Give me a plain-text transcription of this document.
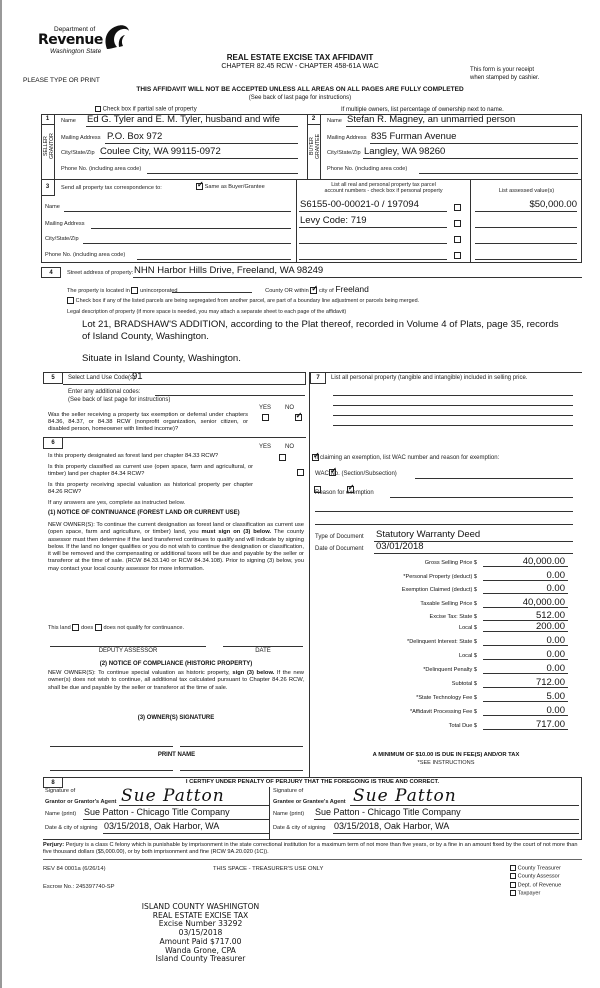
Department of
Revenue
Washington State
PLEASE TYPE OR PRINT
REAL ESTATE EXCISE TAX AFFIDAVIT
CHAPTER 82.45 RCW - CHAPTER 458-61A WAC	This form is your receipt
when stamped by cashier.
THIS AFFIDAVIT WILL NOT BE ACCEPTED UNLESS ALL AREAS ON ALL PAGES ARE FULLY COMPLETED
(See back of last page for instructions)
Check box if partial sale of property	If multiple owners, list percentage of ownership next to name.
1
SELLER GRANTOR
Name Ed G. Tyler and E. M. Tyler, husband and wife
Mailing Address P.O. Box 972
City/State/Zip Coulee City, WA 99115-0972
Phone No. (including area code)
2
BUYER GRANTEE
Name Stefan R. Magney, an unmarried person
Mailing Address 835 Furman Avenue
City/State/Zip Langley, WA 98260
Phone No. (including area code)
3	Send all property tax correspondence to: ✓	Same as Buyer/Grantee
Name
Mailing Address
City/State/Zip
Phone No. (including area code)
List all real and personal property tax parcel
account numbers - check box if personal property	List assessed value(s)
S6155-00-00021-0 / 197094	$50,000.00
Levy Code: 719
4	Street address of property: NHN Harbor Hills Drive, Freeland, WA 98249
The property is located in unincorporated	County OR within ✓ city of Freeland
Check box if any of the listed parcels are being segregated from another parcel, are part of a boundary line adjustment or parcels being merged.
Legal description of property (if more space is needed, you may attach a separate sheet to each page of the affidavit)
Lot 21, BRADSHAW'S ADDITION, according to the Plat thereof, recorded in Volume 4 of Plats, page 35, records
of Island County, Washington.
Situate in Island County, Washington.
5	Select Land Use Code(s):
91
Enter any additional codes:
(See back of last page for instructions)
YES NO
Was the seller receiving a property tax exemption or deferral under chapters 84.36, 84.37, or 84.38 RCW (nonprofit organization, senior citizen, or disabled person, homeowner with limited income)?
✓
6
YES NO
Is this property designated as forest land per chapter 84.33 RCW?
✓
Is this property classified as current use (open space, farm and agricultural, or timber) land per chapter 84.34 RCW?
✓
Is this property receiving special valuation as historical property per chapter 84.26 RCW?
✓
If any answers are yes, complete as instructed below.
(1) NOTICE OF CONTINUANCE (FOREST LAND OR CURRENT USE)
NEW OWNER(S): To continue the current designation as forest land or classification as current use (open space, farm and agriculture, or timber) land, you must sign on (3) below. The county assessor must then determine if the land transferred continues to qualify and will indicate by signing below. If the land no longer qualifies or you do not wish to continue the designation or classification, it will be removed and the compensating or additional taxes will be due and payable by the seller or transferor at the time of sale. (RCW 84.33.140 or RCW 84.34.108). Prior to signing (3) below, you may contact your local county assessor for more information.
This land does does not qualify for continuance.
DEPUTY ASSESSOR	DATE
(2) NOTICE OF COMPLIANCE (HISTORIC PROPERTY)
NEW OWNER(S): To continue special valuation as historic property, sign (3) below. If the new owner(s) does not wish to continue, all additional tax calculated pursuant to Chapter 84.26 RCW, shall be due and payable by the seller or transferor at the time of sale.
(3) OWNER(S) SIGNATURE
PRINT NAME
7	List all personal property (tangible and intangible) included in selling price.
If claiming an exemption, list WAC number and reason for exemption:
WAC No. (Section/Subsection)
Reason for exemption
Type of Document Statutory Warranty Deed
Date of Document 03/01/2018
Gross Selling Price $	40,000.00
*Personal Property (deduct) $	0.00
Exemption Claimed (deduct) $	0.00
Taxable Selling Price $	40,000.00
Excise Tax: State $	512.00
Local $	200.00
*Delinquent Interest: State $	0.00
Local $	0.00
*Delinquent Penalty $	0.00
Subtotal $	712.00
*State Technology Fee $	5.00
*Affidavit Processing Fee $	0.00
Total Due $	717.00
A MINIMUM OF $10.00 IS DUE IN FEE(S) AND/OR TAX
*SEE INSTRUCTIONS
8	I CERTIFY UNDER PENALTY OF PERJURY THAT THE FOREGOING IS TRUE AND CORRECT.
Signature of
Grantor or Grantor's Agent Sue Patton
Name (print) Sue Patton - Chicago Title Company
Date & city of signing 03/15/2018, Oak Harbor, WA
Signature of
Grantee or Grantee's Agent Sue Patton
Name (print) Sue Patton - Chicago Title Company
Date & city of signing 03/15/2018, Oak Harbor, WA
Perjury: Perjury is a class C felony which is punishable by imprisonment in the state correctional institution for a maximum term of not more than five years, or by a fine in an amount fixed by the court of not more than five thousand dollars ($5,000.00), or by both imprisonment and fine (RCW 9A.20.020 (1C)).
REV 84 0001a (6/26/14)	THIS SPACE - TREASURER'S USE ONLY
Escrow No.: 245397740-SP
County Treasurer
County Assessor
Dept. of Revenue
Taxpayer
ISLAND COUNTY WASHINGTON
REAL ESTATE EXCISE TAX
Excise Number 33292
03/15/2018
Amount Paid $717.00
Wanda Grone, CPA
Island County Treasurer
